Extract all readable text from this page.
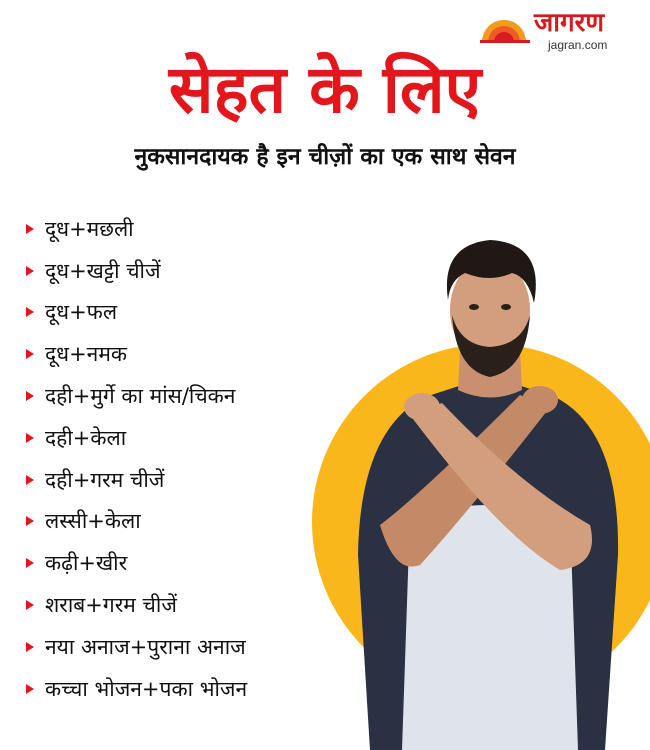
जागरण
jagran.com
सेहत के लिए
नुकसानदायक है इन चीज़ों का एक साथ सेवन
दूध+मछली
दूध+खट्टी चीजें
दूध+फल
दूध+नमक
दही+मुर्गे का मांस/चिकन
दही+केला
दही+गरम चीजें
लस्सी+केला
कढ़ी+खीर
शराब+गरम चीजें
नया अनाज+पुराना अनाज
कच्चा भोजन+पका भोजन
